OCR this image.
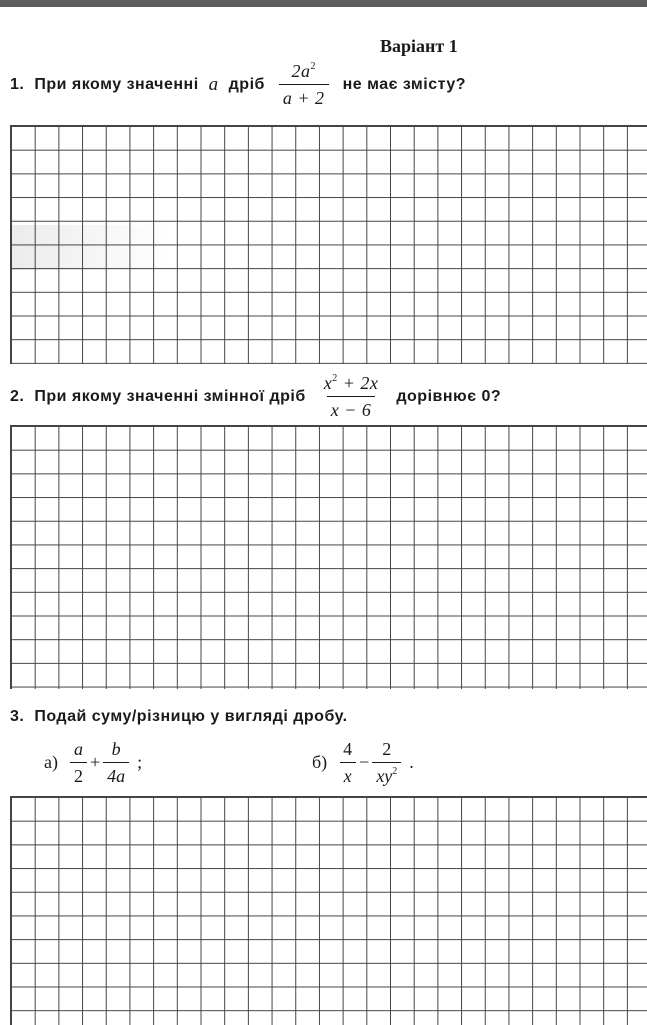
Варіант 1
1. При якому значенні a дріб $\frac{2a^2}{a + 2}$ не має змісту?
2. При якому значенні змінної дріб $\frac{x^2 + 2x}{x - 6}$ дорівнює 0?
3. Подай суму/різницю у вигляді дробу.
$а) \frac{a}{2} + \frac{b}{4a}$ ;	$б) \frac{4}{x} - \frac{2}{xy^2}$ .
